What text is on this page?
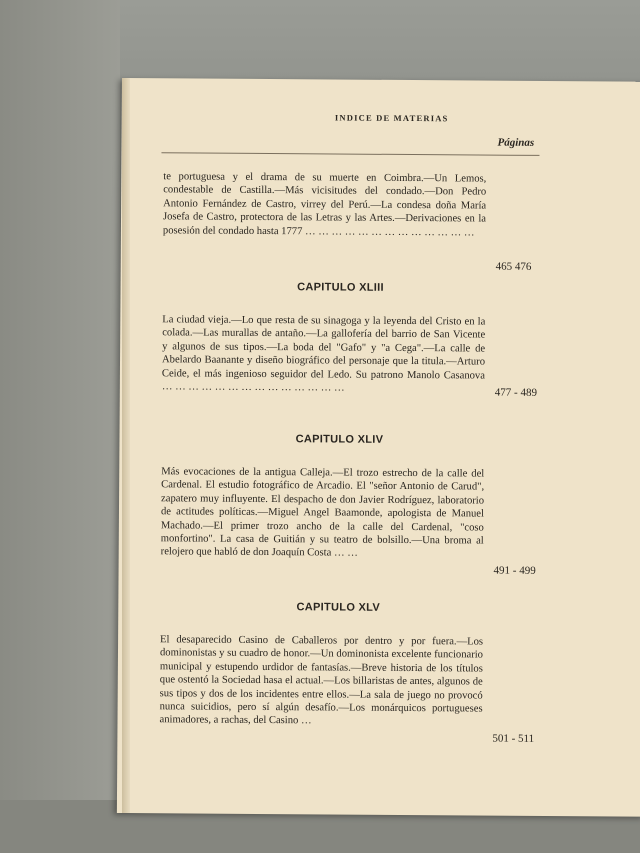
INDICE DE MATERIAS
Páginas
te portuguesa y el drama de su muerte en Coimbra.—Un Lemos, condestable de Castilla.—Más vicisitudes del condado.—Don Pedro Antonio Fernández de Castro, virrey del Perú.—La condesa doña María Josefa de Castro, protectora de las Letras y las Artes.—Derivaciones en la posesión del condado hasta 1777 … … … … … … … … … … … … …
465 476
CAPITULO XLIII
La ciudad vieja.—Lo que resta de su sinagoga y la leyenda del Cristo en la colada.—Las murallas de antaño.—La gallofería del barrio de San Vicente y algunos de sus tipos.—La boda del "Gafo" y "a Cega".—La calle de Abelardo Baanante y diseño biográfico del personaje que la titula.—Arturo Ceide, el más ingenioso seguidor del Ledo. Su patrono Manolo Casanova … … … … … … … … … … … … … …	477 - 489
CAPITULO XLIV
Más evocaciones de la antigua Calleja.—El trozo estrecho de la calle del Cardenal. El estudio fotográfico de Arcadio. El "señor Antonio de Carud", zapatero muy influyente. El despacho de don Javier Rodríguez, laboratorio de actitudes políticas.—Miguel Angel Baamonde, apologista de Manuel Machado.—El primer trozo ancho de la calle del Cardenal, "coso monfortino". La casa de Guitián y su teatro de bolsillo.—Una broma al relojero que habló de don Joaquín Costa … …
491 - 499
CAPITULO XLV
El desaparecido Casino de Caballeros por dentro y por fuera.—Los dominonistas y su cuadro de honor.—Un dominonista excelente funcionario municipal y estupendo urdidor de fantasías.—Breve historia de los títulos que ostentó la Sociedad hasa el actual.—Los billaristas de antes, algunos de sus tipos y dos de los incidentes entre ellos.—La sala de juego no provocó nunca suicidios, pero sí algún desafío.—Los monárquicos portugueses animadores, a rachas, del Casino …
501 - 511
